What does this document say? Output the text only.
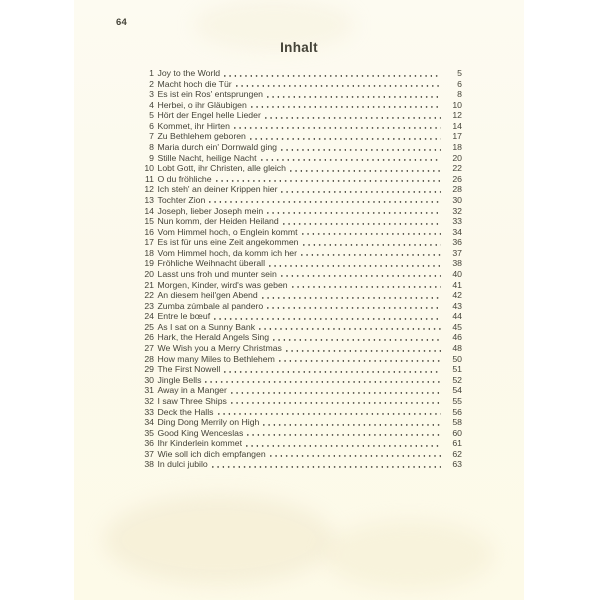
64
Inhalt
1 Joy to the World	5
2 Macht hoch die Tür	6
3 Es ist ein Ros' entsprungen	8
4 Herbei, o ihr Gläubigen	10
5 Hört der Engel helle Lieder	12
6 Kommet, ihr Hirten	14
7 Zu Bethlehem geboren	17
8 Maria durch ein' Dornwald ging	18
9 Stille Nacht, heilige Nacht	20
10 Lobt Gott, ihr Christen, alle gleich	22
11 O du fröhliche	26
12 Ich steh' an deiner Krippen hier	28
13 Tochter Zion	30
14 Joseph, lieber Joseph mein	32
15 Nun komm, der Heiden Heiland	33
16 Vom Himmel hoch, o Englein kommt	34
17 Es ist für uns eine Zeit angekommen	36
18 Vom Himmel hoch, da komm ich her	37
19 Fröhliche Weihnacht überall	38
20 Lasst uns froh und munter sein	40
21 Morgen, Kinder, wird's was geben	41
22 An diesem heil'gen Abend	42
23 Zumba zúmbale al pandero	43
24 Entre le bœuf	44
25 As I sat on a Sunny Bank	45
26 Hark, the Herald Angels Sing	46
27 We Wish you a Merry Christmas	48
28 How many Miles to Bethlehem	50
29 The First Nowell	51
30 Jingle Bells	52
31 Away in a Manger	54
32 I saw Three Ships	55
33 Deck the Halls	56
34 Ding Dong Merrily on High	58
35 Good King Wenceslas	60
36 Ihr Kinderlein kommet	61
37 Wie soll ich dich empfangen	62
38 In dulci jubilo	63
